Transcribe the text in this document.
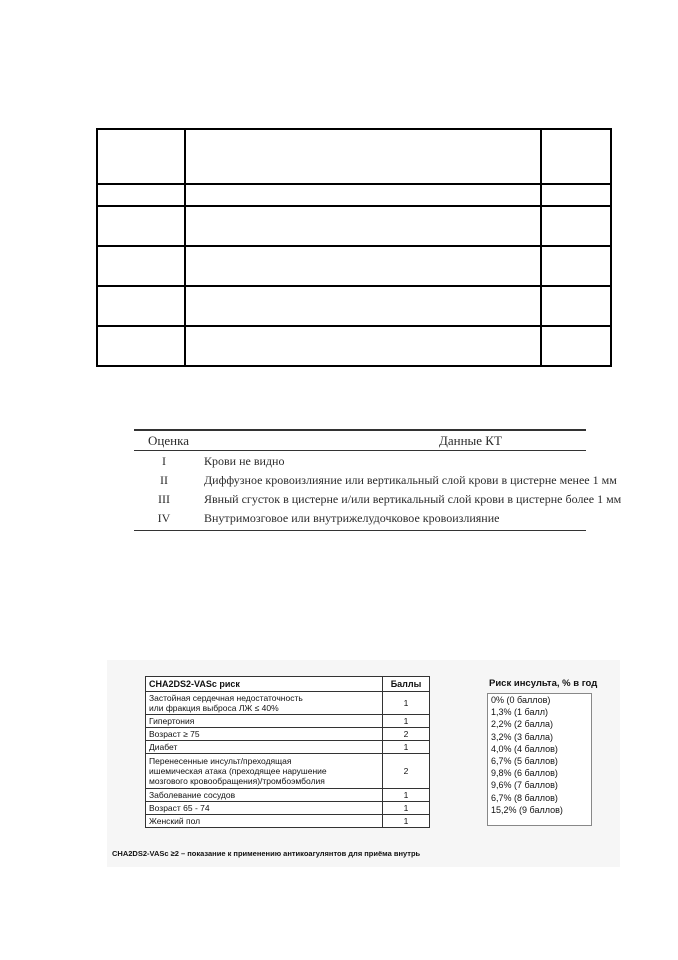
Оценка	Данные КТ
I	Крови не видно
II	Диффузное кровоизлияние или вертикальный слой крови в цистерне менее 1 мм
III	Явный сгусток в цистерне и/или вертикальный слой крови в цистерне более 1 мм
IV	Внутримозговое или внутрижелудочковое кровоизлияние
CHA2DS2-VASc риск	Баллы
Застойная сердечная недостаточность
или фракция выброса ЛЖ ≤ 40%	1
Гипертония	1
Возраст ≥ 75	2
Диабет	1
Перенесенные инсульт/преходящая
ишемическая атака (преходящее нарушение
мозгового кровообращения)/тромбоэмболия	2
Заболевание сосудов	1
Возраст 65 - 74	1
Женский пол	1
Риск инсульта, % в год
0% (0 баллов)
1,3% (1 балл)
2,2% (2 балла)
3,2% (3 балла)
4,0% (4 баллов)
6,7% (5 баллов)
9,8% (6 баллов)
9,6% (7 баллов)
6,7% (8 баллов)
15,2% (9 баллов)
CHA2DS2-VASc ≥2 – показание к применению антикоагулянтов для приёма внутрь
